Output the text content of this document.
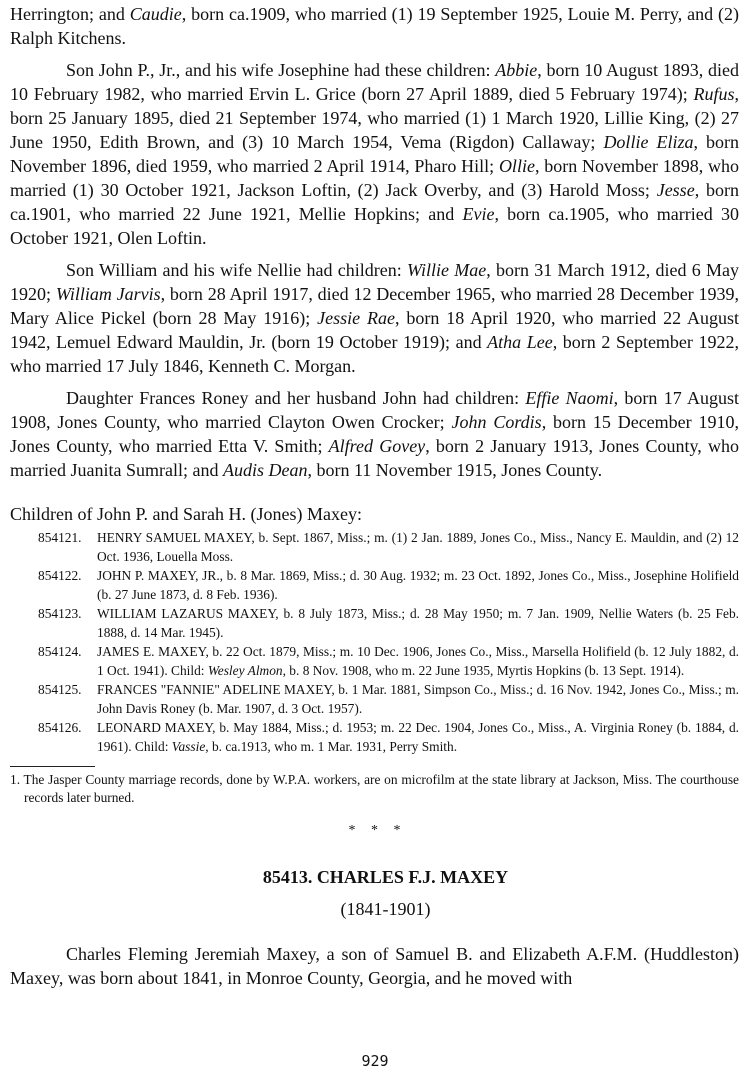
Herrington; and Caudie, born ca.1909, who married (1) 19 September 1925, Louie M. Perry, and (2) Ralph Kitchens.

Son John P., Jr., and his wife Josephine had these children: Abbie, born 10 August 1893, died 10 February 1982, who married Ervin L. Grice (born 27 April 1889, died 5 February 1974); Rufus, born 25 January 1895, died 21 September 1974, who married (1) 1 March 1920, Lillie King, (2) 27 June 1950, Edith Brown, and (3) 10 March 1954, Vema (Rigdon) Callaway; Dollie Eliza, born November 1896, died 1959, who married 2 April 1914, Pharo Hill; Ollie, born November 1898, who married (1) 30 October 1921, Jackson Loftin, (2) Jack Overby, and (3) Harold Moss; Jesse, born ca.1901, who married 22 June 1921, Mellie Hopkins; and Evie, born ca.1905, who married 30 October 1921, Olen Loftin.

Son William and his wife Nellie had children: Willie Mae, born 31 March 1912, died 6 May 1920; William Jarvis, born 28 April 1917, died 12 December 1965, who married 28 December 1939, Mary Alice Pickel (born 28 May 1916); Jessie Rae, born 18 April 1920, who married 22 August 1942, Lemuel Edward Mauldin, Jr. (born 19 October 1919); and Atha Lee, born 2 September 1922, who married 17 July 1846, Kenneth C. Morgan.

Daughter Frances Roney and her husband John had children: Effie Naomi, born 17 August 1908, Jones County, who married Clayton Owen Crocker; John Cordis, born 15 December 1910, Jones County, who married Etta V. Smith; Alfred Govey, born 2 January 1913, Jones County, who married Juanita Sumrall; and Audis Dean, born 11 November 1915, Jones County.

Children of John P. and Sarah H. (Jones) Maxey:
854121. HENRY SAMUEL MAXEY, b. Sept. 1867, Miss.; m. (1) 2 Jan. 1889, Jones Co., Miss., Nancy E. Mauldin, and (2) 12 Oct. 1936, Louella Moss.
854122. JOHN P. MAXEY, JR., b. 8 Mar. 1869, Miss.; d. 30 Aug. 1932; m. 23 Oct. 1892, Jones Co., Miss., Josephine Holifield (b. 27 June 1873, d. 8 Feb. 1936).
854123. WILLIAM LAZARUS MAXEY, b. 8 July 1873, Miss.; d. 28 May 1950; m. 7 Jan. 1909, Nellie Waters (b. 25 Feb. 1888, d. 14 Mar. 1945).
854124. JAMES E. MAXEY, b. 22 Oct. 1879, Miss.; m. 10 Dec. 1906, Jones Co., Miss., Marsella Holifield (b. 12 July 1882, d. 1 Oct. 1941). Child: Wesley Almon, b. 8 Nov. 1908, who m. 22 June 1935, Myrtis Hopkins (b. 13 Sept. 1914).
854125. FRANCES "FANNIE" ADELINE MAXEY, b. 1 Mar. 1881, Simpson Co., Miss.; d. 16 Nov. 1942, Jones Co., Miss.; m. John Davis Roney (b. Mar. 1907, d. 3 Oct. 1957).
854126. LEONARD MAXEY, b. May 1884, Miss.; d. 1953; m. 22 Dec. 1904, Jones Co., Miss., A. Virginia Roney (b. 1884, d. 1961). Child: Vassie, b. ca.1913, who m. 1 Mar. 1931, Perry Smith.

1. The Jasper County marriage records, done by W.P.A. workers, are on microfilm at the state library at Jackson, Miss. The courthouse records later burned.

* * *
85413. CHARLES F.J. MAXEY
(1841-1901)

Charles Fleming Jeremiah Maxey, a son of Samuel B. and Elizabeth A.F.M. (Huddleston) Maxey, was born about 1841, in Monroe County, Georgia, and he moved with

929
